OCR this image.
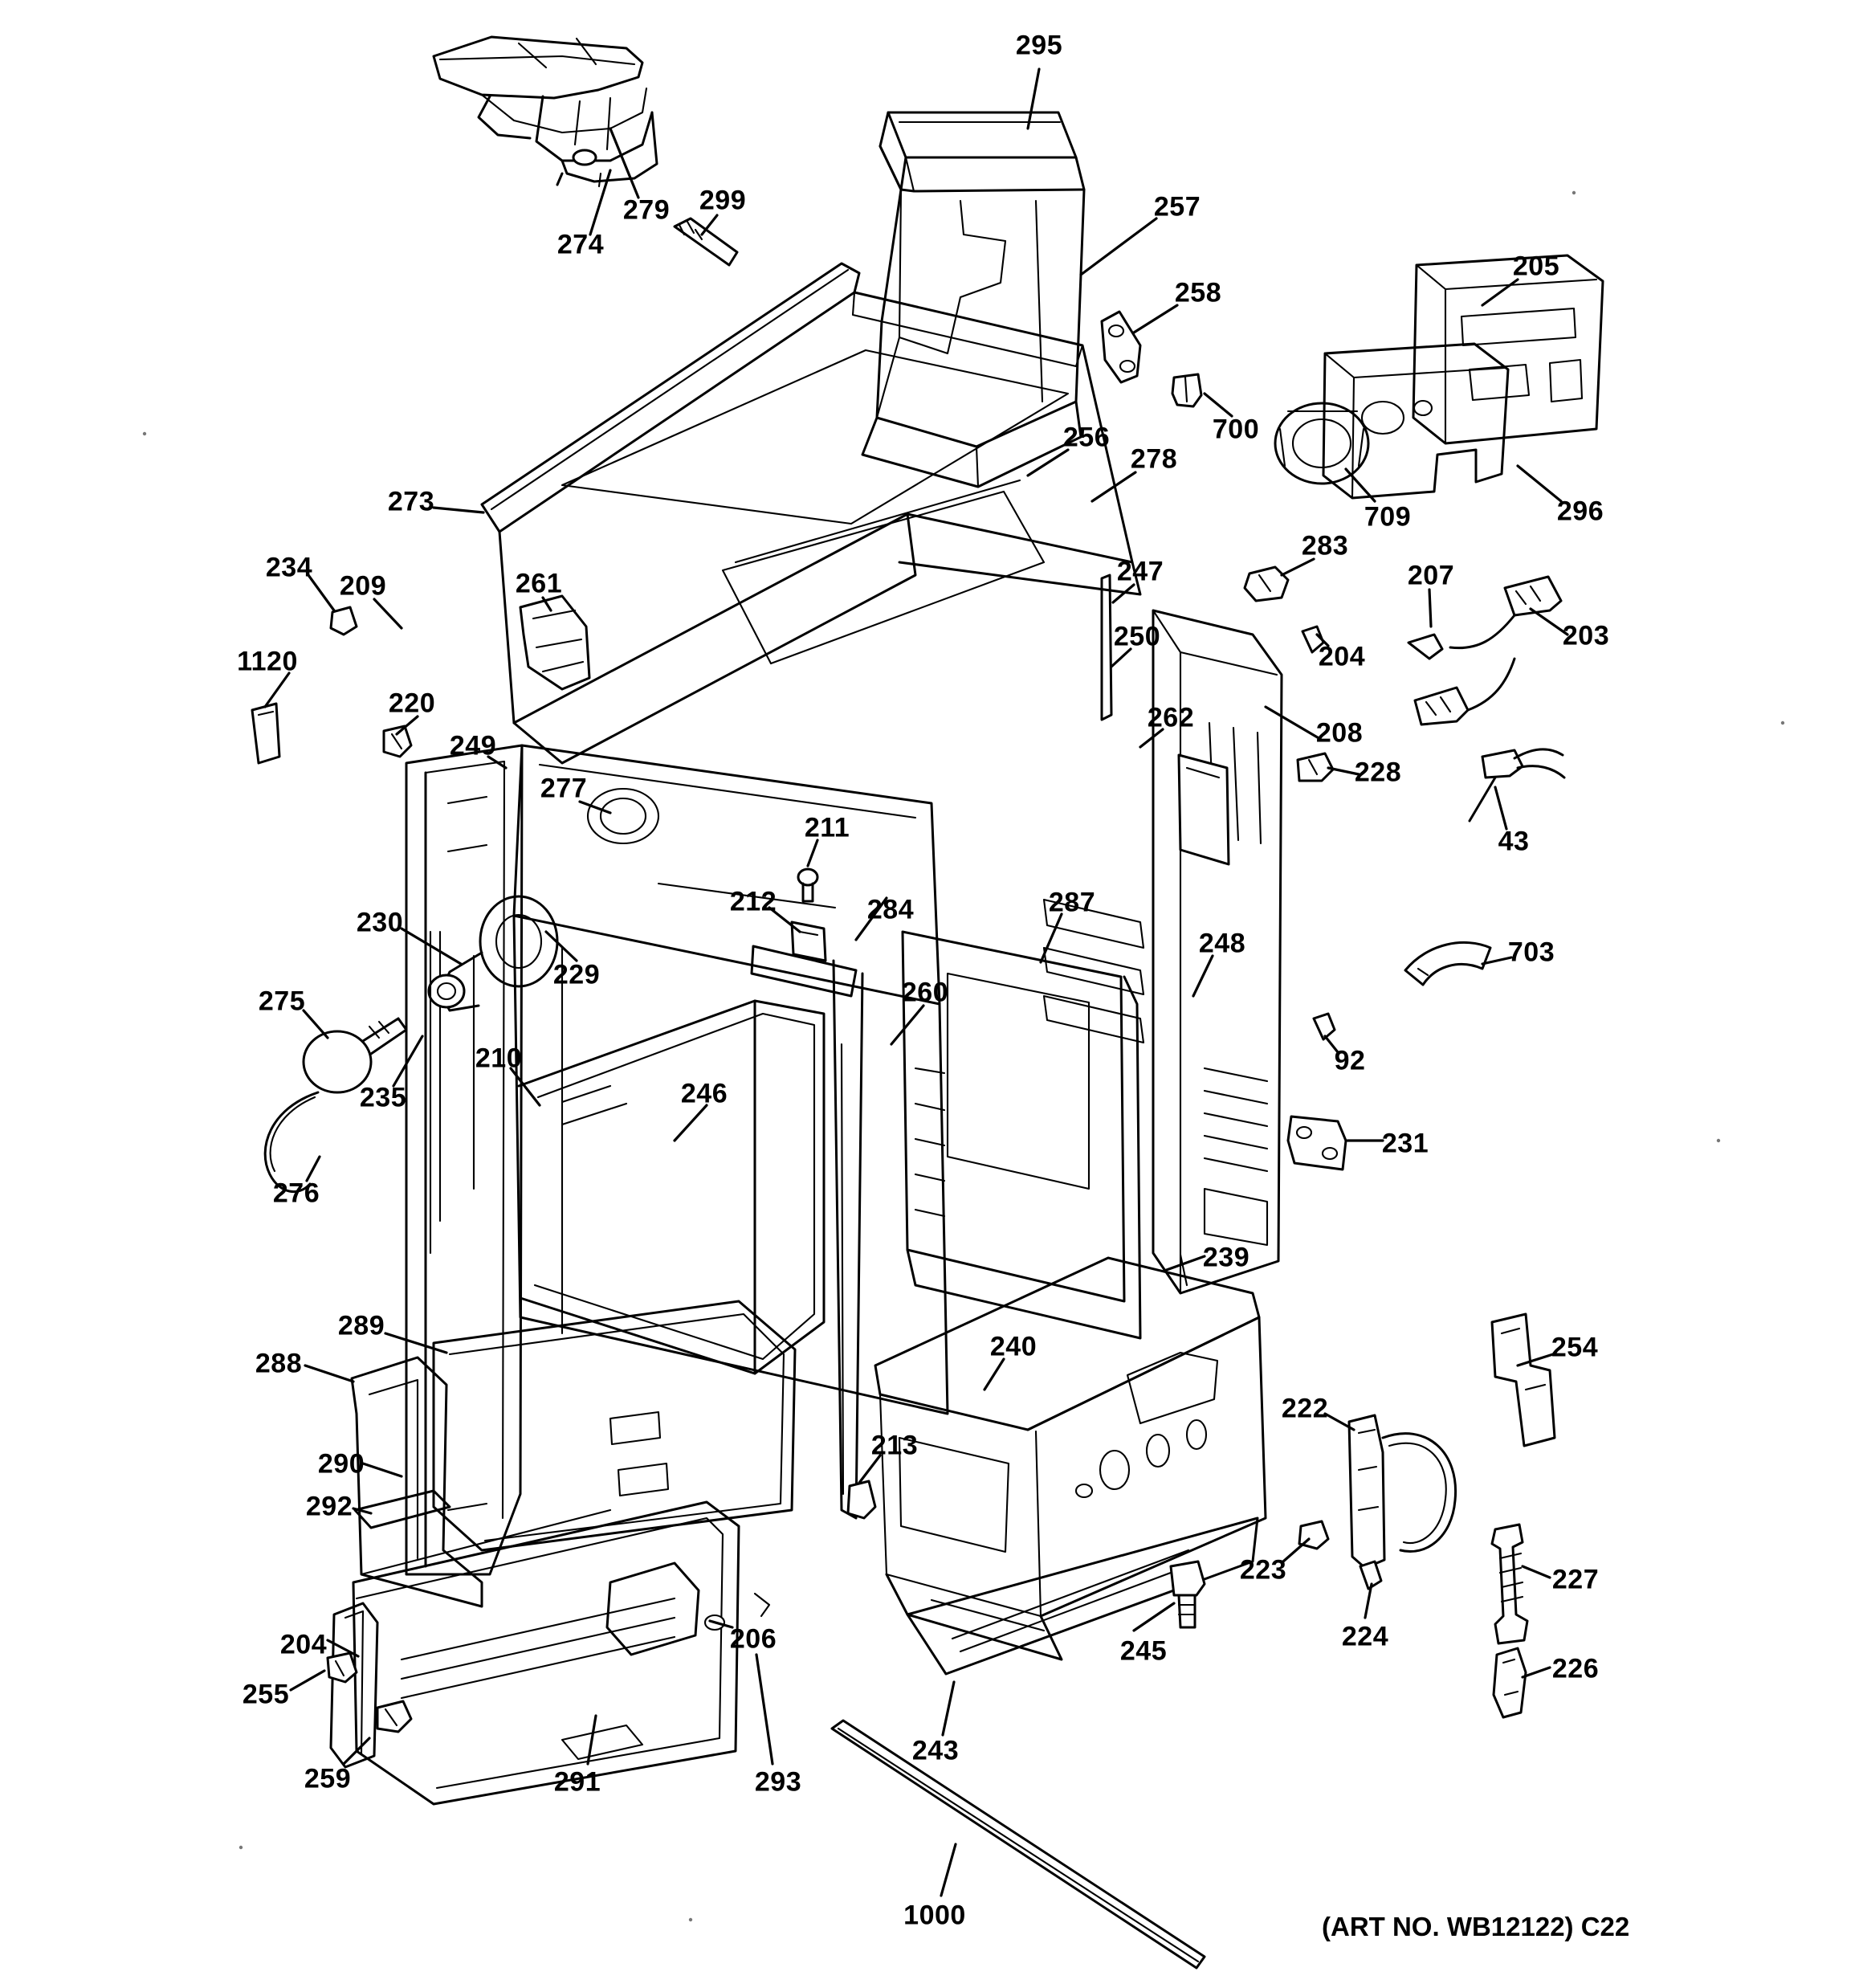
295
257
279 299
274
258
205
700
256
278
709	296
273
283
247
234
209	261	207
204
250	203
1120
220	262	208
249
228
277
211	43
212	284	287
230
703
229
248
260
275
92
210
235	246
231
276
239
289
288
240	254
222
290
213
292
223	227
224
206
204	245
226
255
243
259	291	293
1000	(ART NO. WB12122) C22
